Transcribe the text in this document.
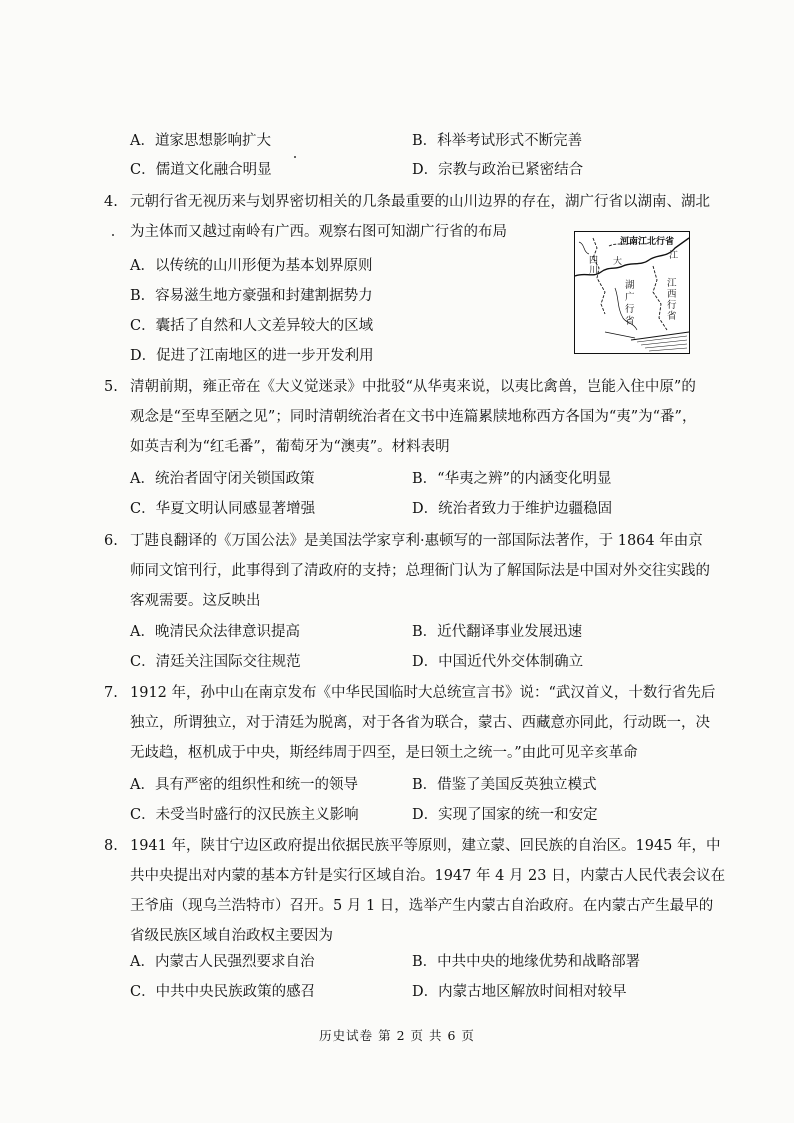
A．道家思想影响扩大	B．科举考试形式不断完善
C．儒道文化融合明显	D．宗教与政治已紧密结合
4. 元朝行省无视历来与划界密切相关的几条最重要的山川边界的存在，湖广行省以湖南、湖北
为主体而又越过南岭有广西。观察右图可知湖广行省的布局
A．以传统的山川形便为基本划界原则
B．容易滋生地方豪强和封建割据势力
C．囊括了自然和人文差异较大的区域
D．促进了江南地区的进一步开发利用
河南江北行省
江
大
四川
湖广行省
江西行省
5. 清朝前期，雍正帝在《大义觉迷录》中批驳“从华夷来说，以夷比禽兽，岂能入住中原”的
观念是“至卑至陋之见”；同时清朝统治者在文书中连篇累牍地称西方各国为“夷”为“番”，
如英吉利为“红毛番”，葡萄牙为“澳夷”。材料表明
A．统治者固守闭关锁国政策	B．“华夷之辨”的内涵变化明显
C．华夏文明认同感显著增强	D．统治者致力于维护边疆稳固
6. 丁韪良翻译的《万国公法》是美国法学家亨利·惠顿写的一部国际法著作，于 1864 年由京
师同文馆刊行，此事得到了清政府的支持；总理衙门认为了解国际法是中国对外交往实践的
客观需要。这反映出
A．晚清民众法律意识提高	B．近代翻译事业发展迅速
C．清廷关注国际交往规范	D．中国近代外交体制确立
7. 1912 年，孙中山在南京发布《中华民国临时大总统宣言书》说：“武汉首义，十数行省先后
独立，所谓独立，对于清廷为脱离，对于各省为联合，蒙古、西藏意亦同此，行动既一，决
无歧趋，枢机成于中央，斯经纬周于四至，是曰领土之统一。”由此可见辛亥革命
A．具有严密的组织性和统一的领导	B．借鉴了美国反英独立模式
C．未受当时盛行的汉民族主义影响	D．实现了国家的统一和安定
8. 1941 年，陕甘宁边区政府提出依据民族平等原则，建立蒙、回民族的自治区。1945 年，中
共中央提出对内蒙的基本方针是实行区域自治。1947 年 4 月 23 日，内蒙古人民代表会议在
王爷庙（现乌兰浩特市）召开。5 月 1 日，选举产生内蒙古自治政府。在内蒙古产生最早的
省级民族区域自治政权主要因为
A．内蒙古人民强烈要求自治	B．中共中央的地缘优势和战略部署
C．中共中央民族政策的感召	D．内蒙古地区解放时间相对较早
历史试卷 第 2 页 共 6 页
